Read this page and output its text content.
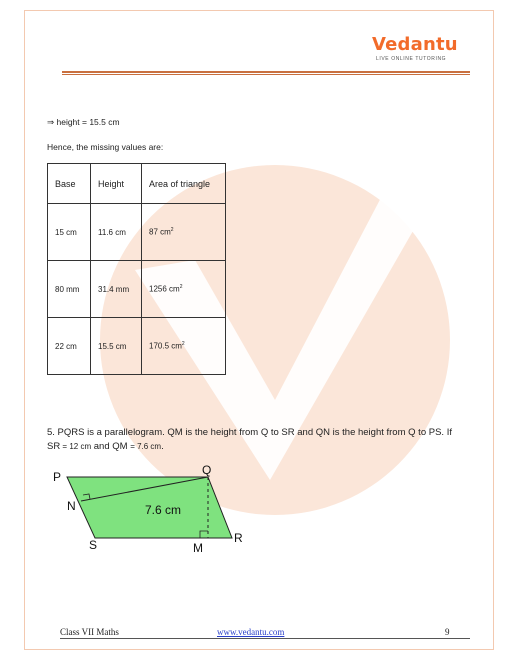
Vedantu
LIVE ONLINE TUTORING
⇒ height = 15.5 cm
Hence, the missing values are:
Base	Height	Area of triangle
15 cm	11.6 cm	87 $cm^2$
80 mm	31.4 mm	1256 $cm^2$
22 cm	15.5 cm	170.5 $cm^2$
5. PQRS is a parallelogram. QM is the height from Q to SR and QN is the height from Q to PS. If SR = 12 cm and QM = 7.6 cm.
P	Q
N
S	M
R
7.6 cm
Class VII Maths	www.vedantu.com	9
